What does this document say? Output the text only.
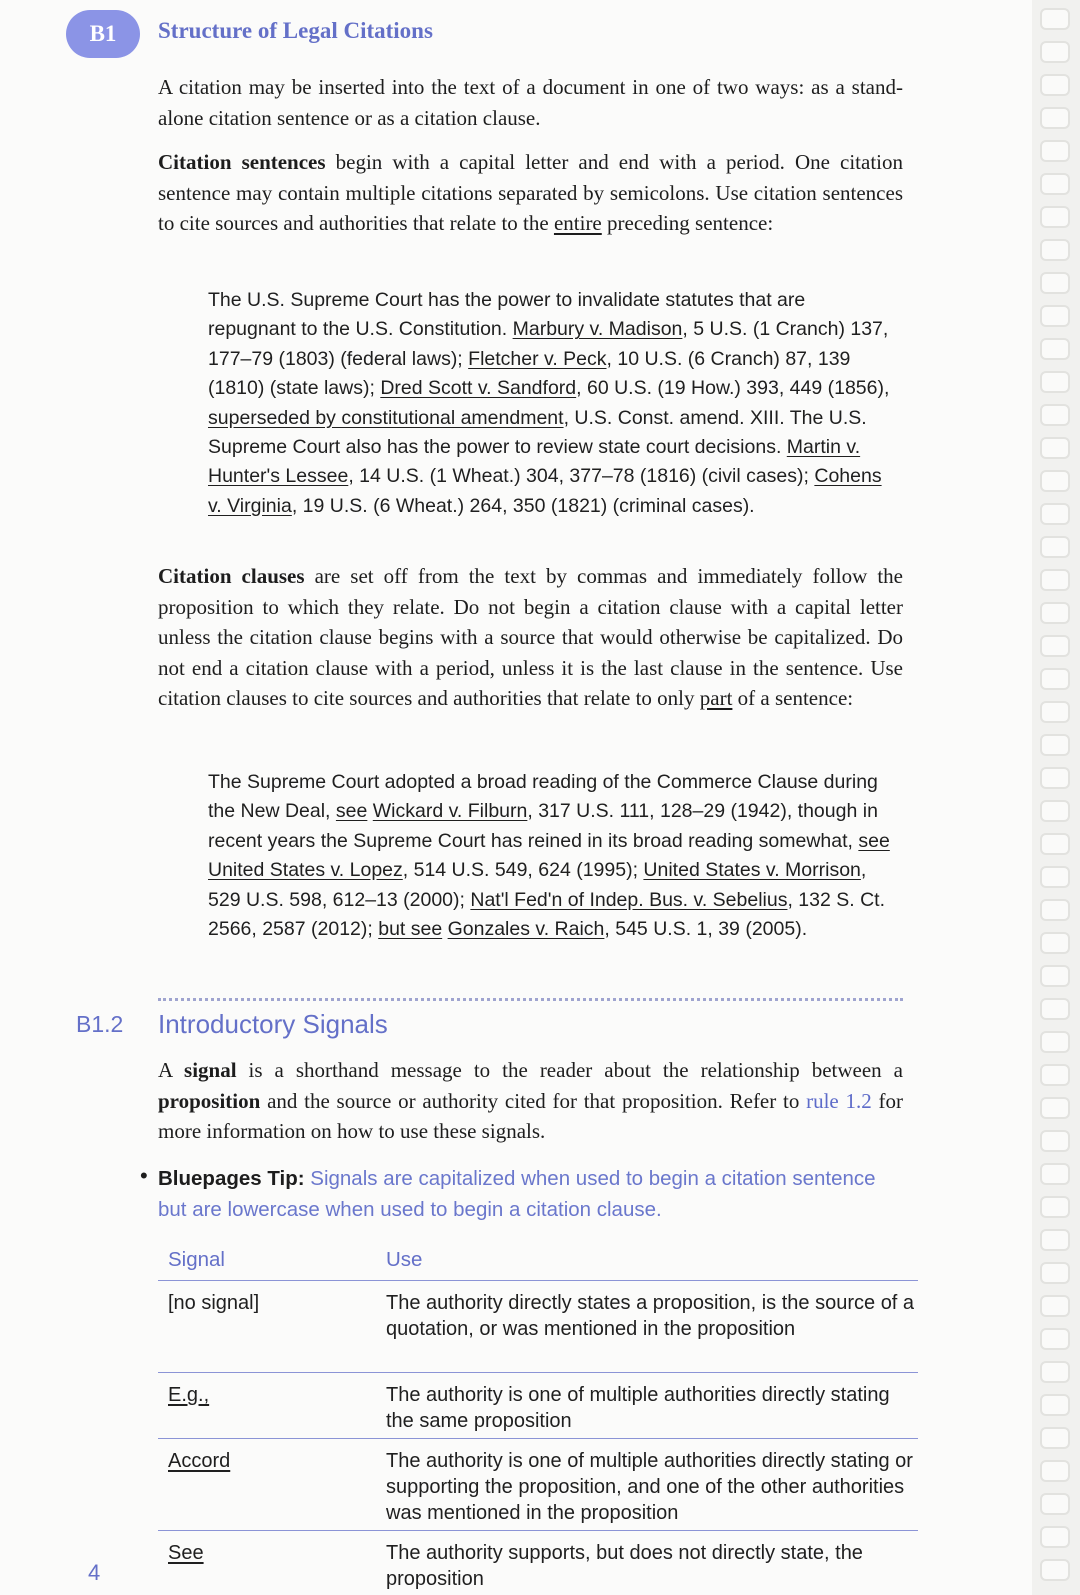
B1	Structure of Legal Citations

A citation may be inserted into the text of a document in one of two ways: as a stand-alone citation sentence or as a citation clause.

Citation sentences begin with a capital letter and end with a period. One citation sentence may contain multiple citations separated by semicolons. Use citation sentences to cite sources and authorities that relate to the entire preceding sentence:

The U.S. Supreme Court has the power to invalidate statutes that are repugnant to the U.S. Constitution. Marbury v. Madison, 5 U.S. (1 Cranch) 137, 177–79 (1803) (federal laws); Fletcher v. Peck, 10 U.S. (6 Cranch) 87, 139 (1810) (state laws); Dred Scott v. Sandford, 60 U.S. (19 How.) 393, 449 (1856), superseded by constitutional amendment, U.S. Const. amend. XIII. The U.S. Supreme Court also has the power to review state court decisions. Martin v. Hunter's Lessee, 14 U.S. (1 Wheat.) 304, 377–78 (1816) (civil cases); Cohens v. Virginia, 19 U.S. (6 Wheat.) 264, 350 (1821) (criminal cases).

Citation clauses are set off from the text by commas and immediately follow the proposition to which they relate. Do not begin a citation clause with a capital letter unless the citation clause begins with a source that would otherwise be capitalized. Do not end a citation clause with a period, unless it is the last clause in the sentence. Use citation clauses to cite sources and authorities that relate to only part of a sentence:

The Supreme Court adopted a broad reading of the Commerce Clause during the New Deal, see Wickard v. Filburn, 317 U.S. 111, 128–29 (1942), though in recent years the Supreme Court has reined in its broad reading somewhat, see United States v. Lopez, 514 U.S. 549, 624 (1995); United States v. Morrison, 529 U.S. 598, 612–13 (2000); Nat'l Fed'n of Indep. Bus. v. Sebelius, 132 S. Ct. 2566, 2587 (2012); but see Gonzales v. Raich, 545 U.S. 1, 39 (2005).

B1.2 Introductory Signals

A signal is a shorthand message to the reader about the relationship between a proposition and the source or authority cited for that proposition. Refer to rule 1.2 for more information on how to use these signals.

• Bluepages Tip: Signals are capitalized when used to begin a citation sentence but are lowercase when used to begin a citation clause.
Signal	Use
[no signal]	The authority directly states a proposition, is the source of a quotation, or was mentioned in the proposition
E.g.,	The authority is one of multiple authorities directly stating the same proposition
Accord	The authority is one of multiple authorities directly stating or supporting the proposition, and one of the other authorities was mentioned in the proposition
See	The authority supports, but does not directly state, the proposition
4
